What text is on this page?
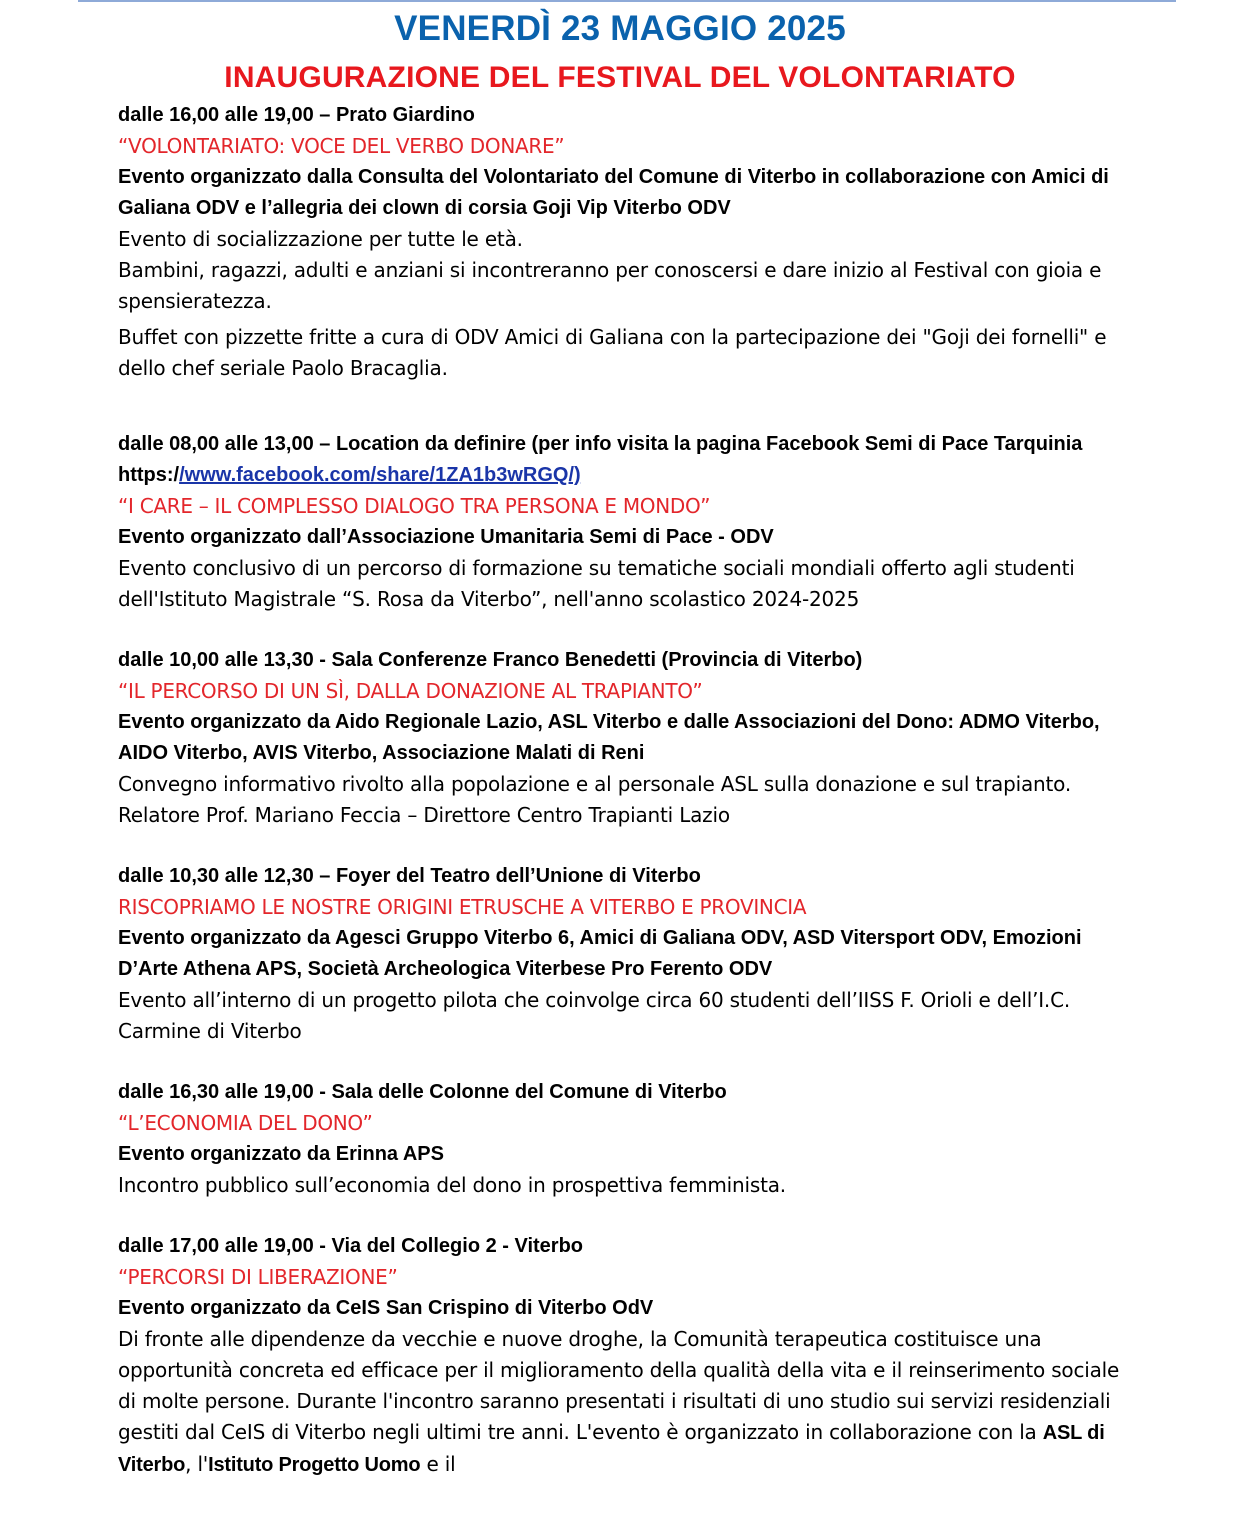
VENERDÌ 23 MAGGIO 2025
INAUGURAZIONE DEL FESTIVAL DEL VOLONTARIATO
dalle 16,00 alle 19,00 – Prato Giardino
“VOLONTARIATO: VOCE DEL VERBO DONARE”
Evento organizzato dalla Consulta del Volontariato del Comune di Viterbo in collaborazione con Amici di Galiana ODV e l’allegria dei clown di corsia Goji Vip Viterbo ODV
Evento di socializzazione per tutte le età.
Bambini, ragazzi, adulti e anziani si incontreranno per conoscersi e dare inizio al Festival con gioia e spensieratezza.
Buffet con pizzette fritte a cura di ODV Amici di Galiana con la partecipazione dei "Goji dei fornelli" e dello chef seriale Paolo Bracaglia.
dalle 08,00 alle 13,00 – Location da definire (per info visita la pagina Facebook Semi di Pace Tarquinia https://www.facebook.com/share/1ZA1b3wRGQ/)
“I CARE – IL COMPLESSO DIALOGO TRA PERSONA E MONDO”
Evento organizzato dall’Associazione Umanitaria Semi di Pace - ODV
Evento conclusivo di un percorso di formazione su tematiche sociali mondiali offerto agli studenti dell'Istituto Magistrale “S. Rosa da Viterbo”, nell'anno scolastico 2024-2025
dalle 10,00 alle 13,30 - Sala Conferenze Franco Benedetti (Provincia di Viterbo)
“IL PERCORSO DI UN SÌ, DALLA DONAZIONE AL TRAPIANTO”
Evento organizzato da Aido Regionale Lazio, ASL Viterbo e dalle Associazioni del Dono: ADMO Viterbo, AIDO Viterbo, AVIS Viterbo, Associazione Malati di Reni
Convegno informativo rivolto alla popolazione e al personale ASL sulla donazione e sul trapianto. Relatore Prof. Mariano Feccia – Direttore Centro Trapianti Lazio
dalle 10,30 alle 12,30 – Foyer del Teatro dell’Unione di Viterbo
RISCOPRIAMO LE NOSTRE ORIGINI ETRUSCHE A VITERBO E PROVINCIA
Evento organizzato da Agesci Gruppo Viterbo 6, Amici di Galiana ODV, ASD Vitersport ODV, Emozioni D’Arte Athena APS, Società Archeologica Viterbese Pro Ferento ODV
Evento all’interno di un progetto pilota che coinvolge circa 60 studenti dell’IISS F. Orioli e dell’I.C. Carmine di Viterbo
dalle 16,30 alle 19,00 - Sala delle Colonne del Comune di Viterbo
“L’ECONOMIA DEL DONO”
Evento organizzato da Erinna APS
Incontro pubblico sull’economia del dono in prospettiva femminista.
dalle 17,00 alle 19,00 - Via del Collegio 2 - Viterbo
“PERCORSI DI LIBERAZIONE”
Evento organizzato da CeIS San Crispino di Viterbo OdV
Di fronte alle dipendenze da vecchie e nuove droghe, la Comunità terapeutica costituisce una opportunità concreta ed efficace per il miglioramento della qualità della vita e il reinserimento sociale di molte persone. Durante l'incontro saranno presentati i risultati di uno studio sui servizi residenziali gestiti dal CeIS di Viterbo negli ultimi tre anni. L'evento è organizzato in collaborazione con la ASL di Viterbo, l'Istituto Progetto Uomo e il
